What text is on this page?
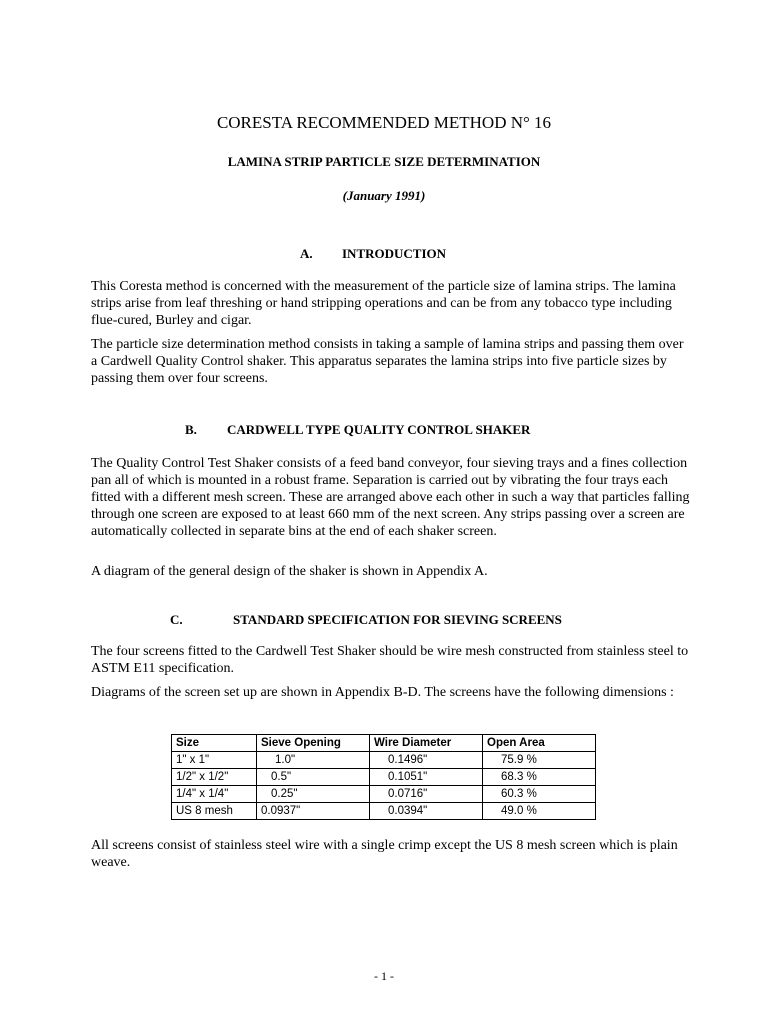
CORESTA RECOMMENDED METHOD N° 16
LAMINA STRIP PARTICLE SIZE DETERMINATION
(January 1991)
A. INTRODUCTION

This Coresta method is concerned with the measurement of the particle size of lamina strips. The lamina strips arise from leaf threshing or hand stripping operations and can be from any tobacco type including flue-cured, Burley and cigar.

The particle size determination method consists in taking a sample of lamina strips and passing them over a Cardwell Quality Control shaker. This apparatus separates the lamina strips into five particle sizes by passing them over four screens.

B. CARDWELL TYPE QUALITY CONTROL SHAKER

The Quality Control Test Shaker consists of a feed band conveyor, four sieving trays and a fines collection pan all of which is mounted in a robust frame. Separation is carried out by vibrating the four trays each fitted with a different mesh screen. These are arranged above each other in such a way that particles falling through one screen are exposed to at least 660 mm of the next screen. Any strips passing over a screen are automatically collected in separate bins at the end of each shaker screen.

A diagram of the general design of the shaker is shown in Appendix A.

C.	STANDARD SPECIFICATION FOR SIEVING SCREENS

The four screens fitted to the Cardwell Test Shaker should be wire mesh constructed from stainless steel to ASTM E11 specification.

Diagrams of the screen set up are shown in Appendix B-D. The screens have the following dimensions :

Size	Sieve Opening	Wire Diameter	Open Area
1" x 1"	1.0"	0.1496"	75.9 %
1/2" x 1/2"	0.5"	0.1051"	68.3 %
1/4" x 1/4"	0.25"	0.0716"	60.3 %
US 8 mesh	0.0937"	0.0394"	49.0 %

All screens consist of stainless steel wire with a single crimp except the US 8 mesh screen which is plain weave.

- 1 -
